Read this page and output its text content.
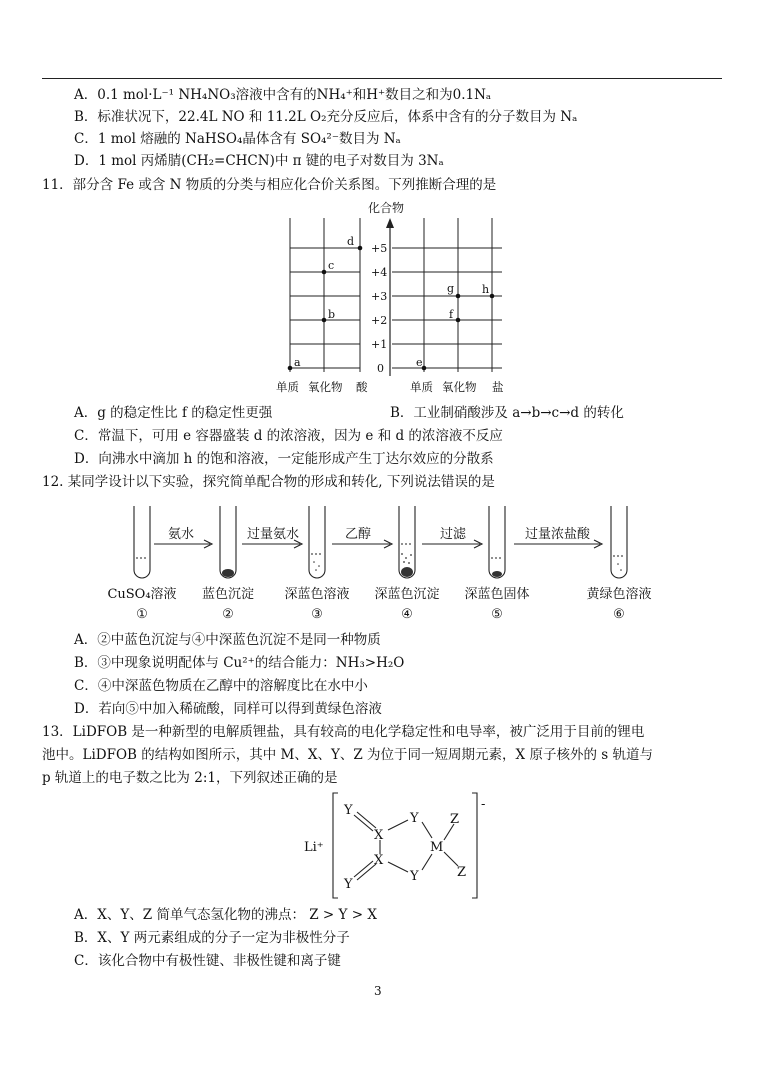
A．0.1 mol·L⁻¹ NH₄NO₃溶液中含有的NH₄⁺和H⁺数目之和为0.1Nₐ
B．标准状况下，22.4L NO 和 11.2L O₂充分反应后，体系中含有的分子数目为 Nₐ
C．1 mol 熔融的 NaHSO₄晶体含有 SO₄²⁻数目为 Nₐ
D．1 mol 丙烯腈(CH₂=CHCN)中 π 键的电子对数目为 3Nₐ
11．部分含 Fe 或含 N 物质的分类与相应化合价关系图。下列推断合理的是
化合物
+5
+4
+3
+2
+1
0
a
b
c
d
e
f
g	h
单质 氧化物 酸	单质 氧化物 盐
A．g 的稳定性比 f 的稳定性更强	B．工业制硝酸涉及 a→b→c→d 的转化
C．常温下，可用 e 容器盛装 d 的浓溶液，因为 e 和 d 的浓溶液不反应
D．向沸水中滴加 h 的饱和溶液，一定能形成产生丁达尔效应的分散系
12. 某同学设计以下实验，探究简单配合物的形成和转化, 下列说法错误的是
氨水	过量氨水	乙醇	过滤	过量浓盐酸
CuSO₄溶液 蓝色沉淀 深蓝色溶液 深蓝色沉淀 深蓝色固体	黄绿色溶液
①	②	③	④	⑤	⑥
A．②中蓝色沉淀与④中深蓝色沉淀不是同一种物质
B．③中现象说明配体与 Cu²⁺的结合能力：NH₃>H₂O
C．④中深蓝色物质在乙醇中的溶解度比在水中小
D．若向⑤中加入稀硫酸，同样可以得到黄绿色溶液
13．LiDFOB 是一种新型的电解质锂盐，具有较高的电化学稳定性和电导率，被广泛用于目前的锂电
池中。LiDFOB 的结构如图所示，其中 M、X、Y、Z 为位于同一短周期元素，X 原子核外的 s 轨道与
p 轨道上的电子数之比为 2:1，下列叙述正确的是
Li⁺
-
Y
X
Y Z
M
X
Y	Z
Y
A．X、Y、Z 简单气态氢化物的沸点： Z > Y > X
B．X、Y 两元素组成的分子一定为非极性分子
C．该化合物中有极性键、非极性键和离子键
3
